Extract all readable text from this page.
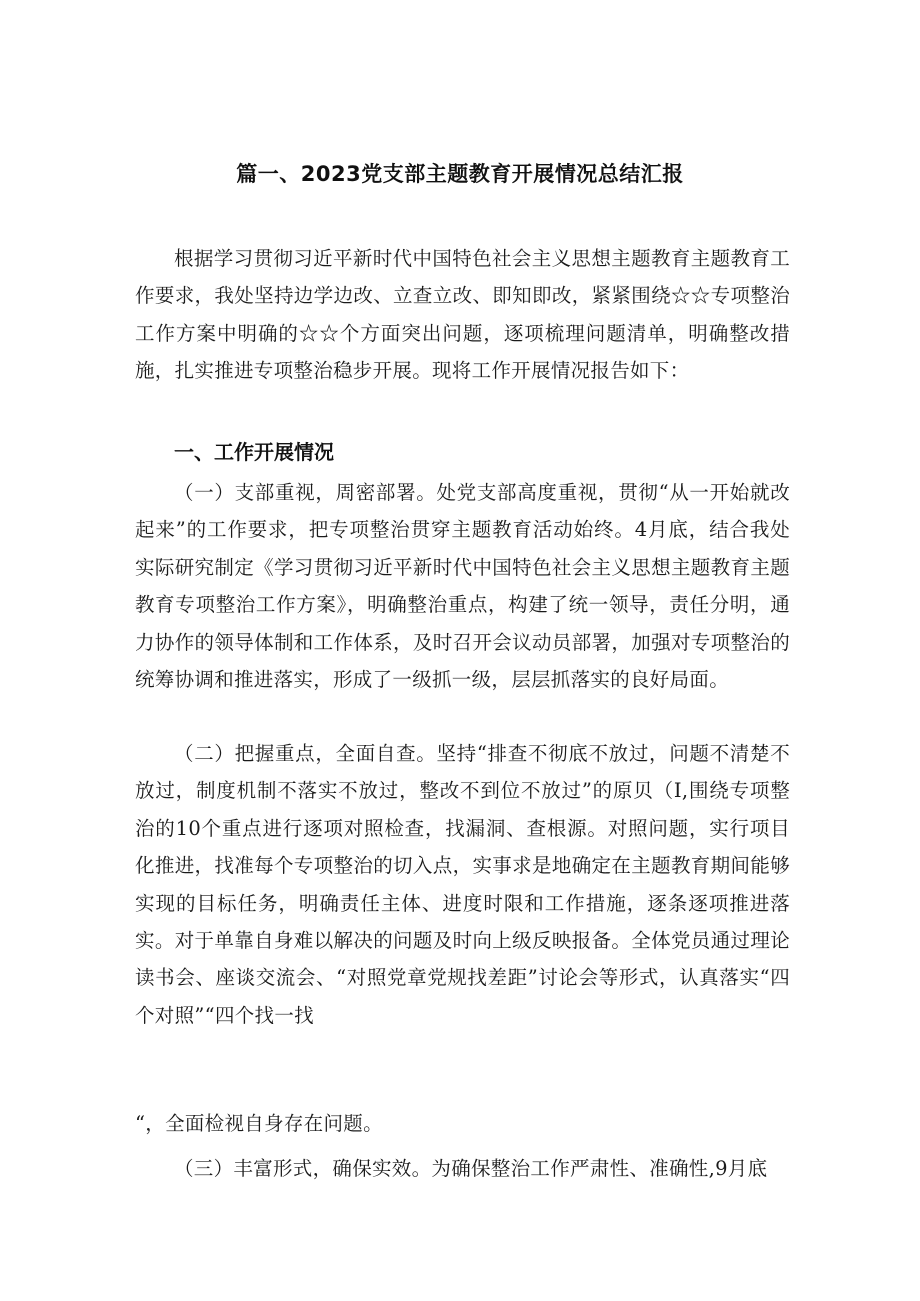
篇一、2023党支部主题教育开展情况总结汇报
根据学习贯彻习近平新时代中国特色社会主义思想主题教育主题教育工作要求，我处坚持边学边改、立查立改、即知即改，紧紧围绕☆☆专项整治工作方案中明确的☆☆个方面突出问题，逐项梳理问题清单，明确整改措施，扎实推进专项整治稳步开展。现将工作开展情况报告如下：
一、工作开展情况
（一）支部重视，周密部署。处党支部高度重视，贯彻“从一开始就改起来”的工作要求，把专项整治贯穿主题教育活动始终。4月底，结合我处实际研究制定《学习贯彻习近平新时代中国特色社会主义思想主题教育主题教育专项整治工作方案》，明确整治重点，构建了统一领导，责任分明，通力协作的领导体制和工作体系，及时召开会议动员部署，加强对专项整治的统筹协调和推进落实，形成了一级抓一级，层层抓落实的良好局面。
（二）把握重点，全面自查。坚持“排查不彻底不放过，问题不清楚不放过，制度机制不落实不放过，整改不到位不放过”的原贝（I,围绕专项整治的10个重点进行逐项对照检查，找漏洞、查根源。对照问题，实行项目化推进，找准每个专项整治的切入点，实事求是地确定在主题教育期间能够实现的目标任务，明确责任主体、进度时限和工作措施，逐条逐项推进落实。对于单靠自身难以解决的问题及时向上级反映报备。全体党员通过理论读书会、座谈交流会、“对照党章党规找差距”讨论会等形式，认真落实“四个对照”“四个找一找
“，全面检视自身存在问题。
（三）丰富形式，确保实效。为确保整治工作严肃性、准确性,9月底
